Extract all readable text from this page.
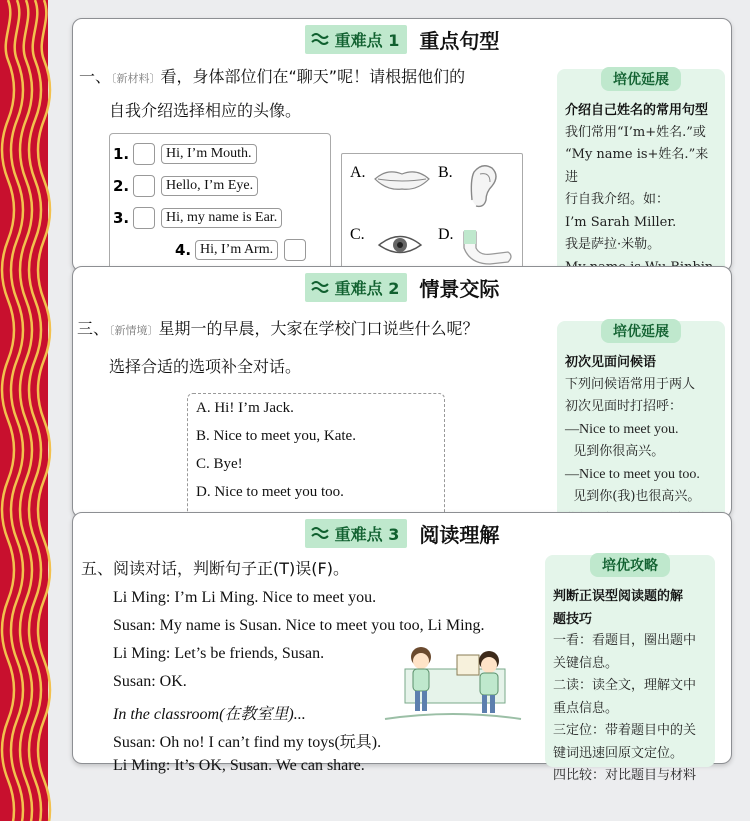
重难点 1 重点句型
一、〔新材料〕看，身体部位们在“聊天”呢！请根据他们的
自我介绍选择相应的头像。
1.	Hi, I’m Mouth.
2.	Hello, I’m Eye.
3.	Hi, my name is Ear.
4. Hi, I’m Arm.
A.	B.
C.	D.
培优延展
介绍自己姓名的常用句型
我们常用“I’m+姓名.”或
“My name is+姓名.”来进
行自我介绍。如：
I’m Sarah Miller.
我是萨拉·米勒。
重难点 2 情景交际
三、〔新情境〕星期一的早晨，大家在学校门口说些什么呢？
选择合适的选项补全对话。
A. Hi! I’m Jack.
B. Nice to meet you, Kate.
C. Bye!
D. Nice to meet you too.
培优延展
初次见面问候语
下列问候语常用于两人
初次见面时打招呼：
—Nice to meet you.
见到你很高兴。
—Nice to meet you too.
见到你(我)也很高兴。
重难点 3 阅读理解
五、阅读对话，判断句子正(T)误(F)。
Li Ming: I’m Li Ming. Nice to meet you.
Susan: My name is Susan. Nice to meet you too, Li Ming.
Li Ming: Let’s be friends, Susan.
Susan: OK.
In the classroom(在教室里)...
Susan: Oh no! I can’t find my toys(玩具).
Li Ming: It’s OK, Susan. We can share.
培优攻略
判断正误型阅读题的解
题技巧
一看：看题目，圈出题中
关键信息。
二读：读全文，理解文中
重点信息。
三定位：带着题目中的关
键词迅速回原文定位。
四比较：对比题目与材料
